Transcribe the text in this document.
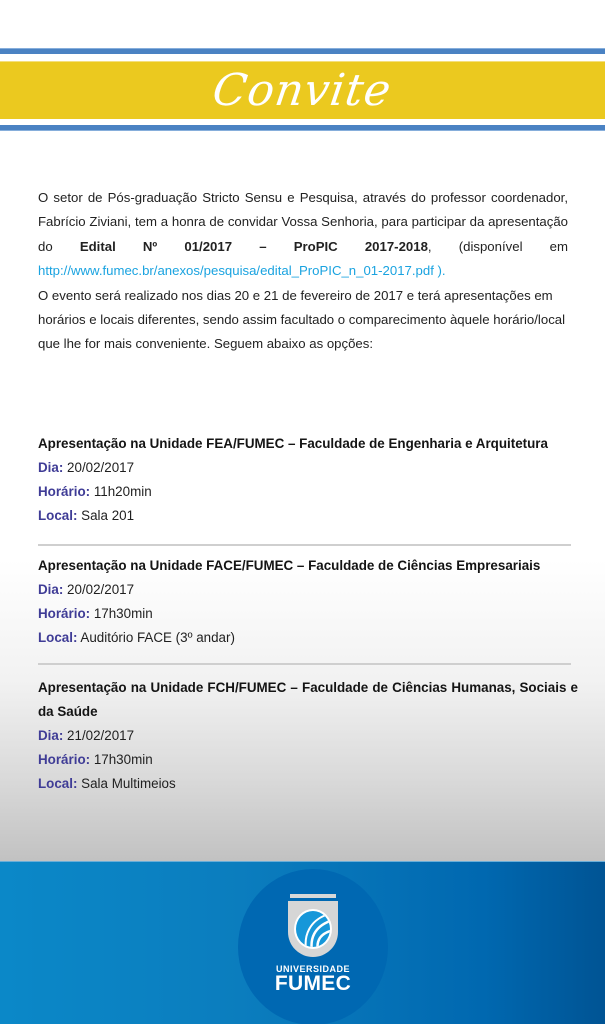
Convite

O setor de Pós-graduação Stricto Sensu e Pesquisa, através do professor coordenador, Fabrício Ziviani, tem a honra de convidar Vossa Senhoria, para participar da apresentação do Edital Nº 01/2017 – ProPIC 2017-2018, (disponível em http://www.fumec.br/anexos/pesquisa/edital_ProPIC_n_01-2017.pdf ).

O evento será realizado nos dias 20 e 21 de fevereiro de 2017 e terá apresentações em horários e locais diferentes, sendo assim facultado o comparecimento àquele horário/local que lhe for mais conveniente. Seguem abaixo as opções:

Apresentação na Unidade FEA/FUMEC – Faculdade de Engenharia e Arquitetura
Dia: 20/02/2017
Horário: 11h20min
Local: Sala 201
Apresentação na Unidade FACE/FUMEC – Faculdade de Ciências Empresariais
Dia: 20/02/2017
Horário: 17h30min
Local: Auditório FACE (3º andar)
Apresentação na Unidade FCH/FUMEC – Faculdade de Ciências Humanas, Sociais e da Saúde
Dia: 21/02/2017
Horário: 17h30min
Local: Sala Multimeios
UNIVERSIDADE
FUMEC
